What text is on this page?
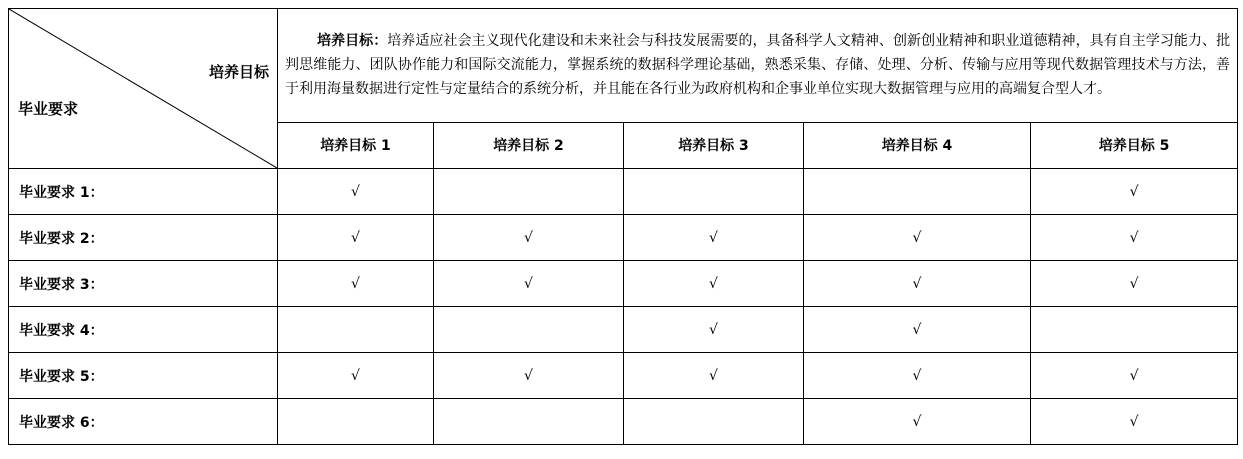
培养目标
毕业要求	培养目标：培养适应社会主义现代化建设和未来社会与科技发展需要的，具备科学人文精神、创新创业精神和职业道德精神，具有自主学习能力、批判思维能力、团队协作能力和国际交流能力，掌握系统的数据科学理论基础，熟悉采集、存储、处理、分析、传输与应用等现代数据管理技术与方法，善于利用海量数据进行定性与定量结合的系统分析，并且能在各行业为政府机构和企事业单位实现大数据管理与应用的高端复合型人才。				
	培养目标 1	培养目标 2	培养目标 3	培养目标 4	培养目标 5
毕业要求 1：	√				√
毕业要求 2：	√	√	√	√	√
毕业要求 3：	√	√	√	√	√
毕业要求 4：			√	√	
毕业要求 5：	√	√	√	√	√
毕业要求 6：				√	√
